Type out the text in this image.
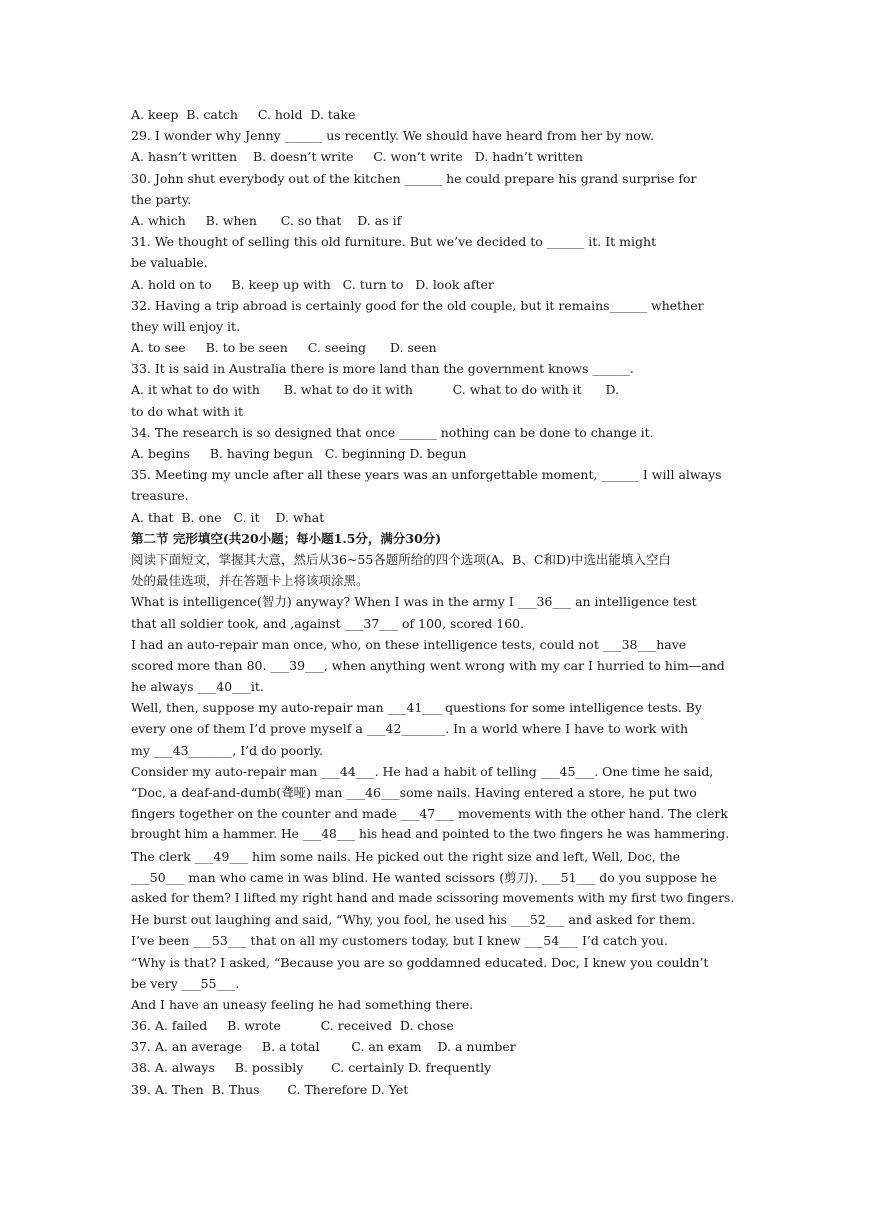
A. keep  B. catch     C. hold  D. take
29. I wonder why Jenny ______ us recently. We should have heard from her by now.
A. hasn’t written    B. doesn’t write     C. won’t write   D. hadn’t written
30. John shut everybody out of the kitchen ______ he could prepare his grand surprise for
the party.
A. which     B. when      C. so that    D. as if
31. We thought of selling this old furniture. But we’ve decided to ______ it. It might
be valuable.
A. hold on to     B. keep up with   C. turn to   D. look after
32. Having a trip abroad is certainly good for the old couple, but it remains______ whether
they will enjoy it.
A. to see     B. to be seen     C. seeing      D. seen
33. It is said in Australia there is more land than the government knows ______.
A. it what to do with      B. what to do it with          C. what to do with it      D.
to do what with it
34. The research is so designed that once ______ nothing can be done to change it.
A. begins     B. having begun   C. beginning D. begun
35. Meeting my uncle after all these years was an unforgettable moment, ______ I will always
treasure.
A. that  B. one   C. it    D. what
第二节 完形填空(共20小题；每小题1.5分，满分30分)
阅读下面短文，掌握其大意，然后从36~55各题所给的四个选项(A、B、C和D)中选出能填入空白
处的最佳选项，并在答题卡上将该项涂黑。
What is intelligence(智力) anyway? When I was in the army I ___36___ an intelligence test
that all soldier took, and ,against ___37___ of 100, scored 160.
I had an auto-repair man once, who, on these intelligence tests, could not ___38___have
scored more than 80. ___39___, when anything went wrong with my car I hurried to him—and
he always ___40___it.
Well, then, suppose my auto-repair man ___41___ questions for some intelligence tests. By
every one of them I’d prove myself a ___42_______. In a world where I have to work with
my ___43_______, I’d do poorly.
Consider my auto-repair man ___44___. He had a habit of telling ___45___. One time he said,
“Doc, a deaf-and-dumb(聋哑) man ___46___some nails. Having entered a store, he put two
fingers together on the counter and made ___47___ movements with the other hand. The clerk
brought him a hammer. He ___48___ his head and pointed to the two fingers he was hammering.
The clerk ___49___ him some nails. He picked out the right size and left, Well, Doc, the
___50___ man who came in was blind. He wanted scissors (剪刀). ___51___ do you suppose he
asked for them? I lifted my right hand and made scissoring movements with my first two fingers.
He burst out laughing and said, “Why, you fool, he used his ___52___ and asked for them.
I’ve been ___53___ that on all my customers today, but I knew ___54___ I’d catch you.
“Why is that? I asked, “Because you are so goddamned educated. Doc, I knew you couldn’t
be very ___55___.
And I have an uneasy feeling he had something there.
36. A. failed     B. wrote          C. received  D. chose
37. A. an average     B. a total        C. an exam    D. a number
38. A. always     B. possibly       C. certainly D. frequently
39. A. Then  B. Thus       C. Therefore D. Yet
